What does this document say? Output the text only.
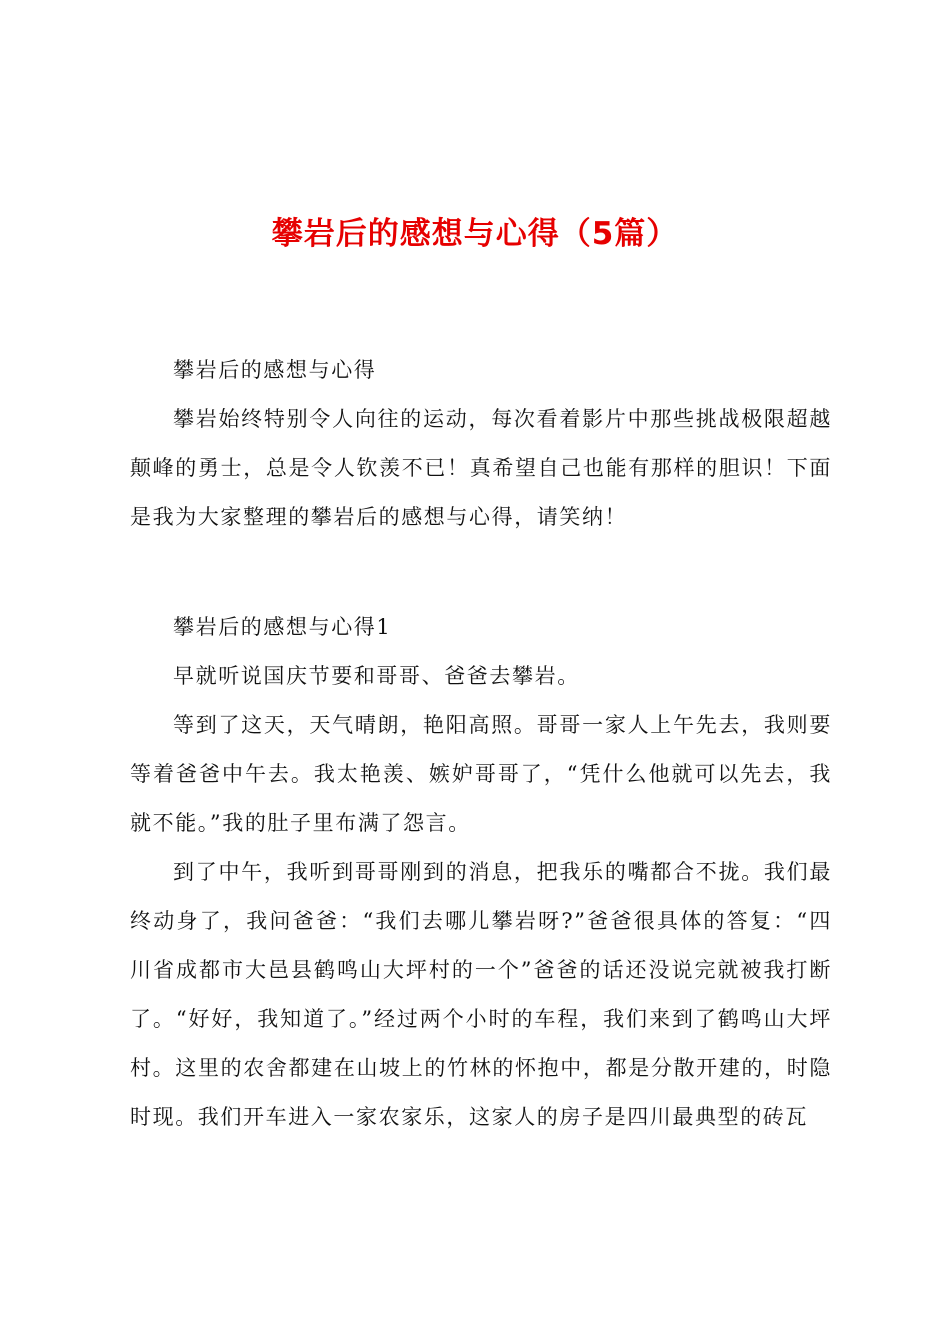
攀岩后的感想与心得（5篇）

攀岩后的感想与心得

攀岩始终特别令人向往的运动，每次看着影片中那些挑战极限超越颠峰的勇士，总是令人钦羡不已！真希望自己也能有那样的胆识！下面是我为大家整理的攀岩后的感想与心得，请笑纳！

攀岩后的感想与心得1

早就听说国庆节要和哥哥、爸爸去攀岩。

等到了这天，天气晴朗，艳阳高照。哥哥一家人上午先去，我则要等着爸爸中午去。我太艳羡、嫉妒哥哥了，“凭什么他就可以先去，我就不能。”我的肚子里布满了怨言。

到了中午，我听到哥哥刚到的消息，把我乐的嘴都合不拢。我们最终动身了，我问爸爸：“我们去哪儿攀岩呀?”爸爸很具体的答复：“四川省成都市大邑县鹤鸣山大坪村的一个”爸爸的话还没说完就被我打断了。“好好，我知道了。”经过两个小时的车程，我们来到了鹤鸣山大坪村。这里的农舍都建在山坡上的竹林的怀抱中，都是分散开建的，时隐时现。我们开车进入一家农家乐，这家人的房子是四川最典型的砖瓦
